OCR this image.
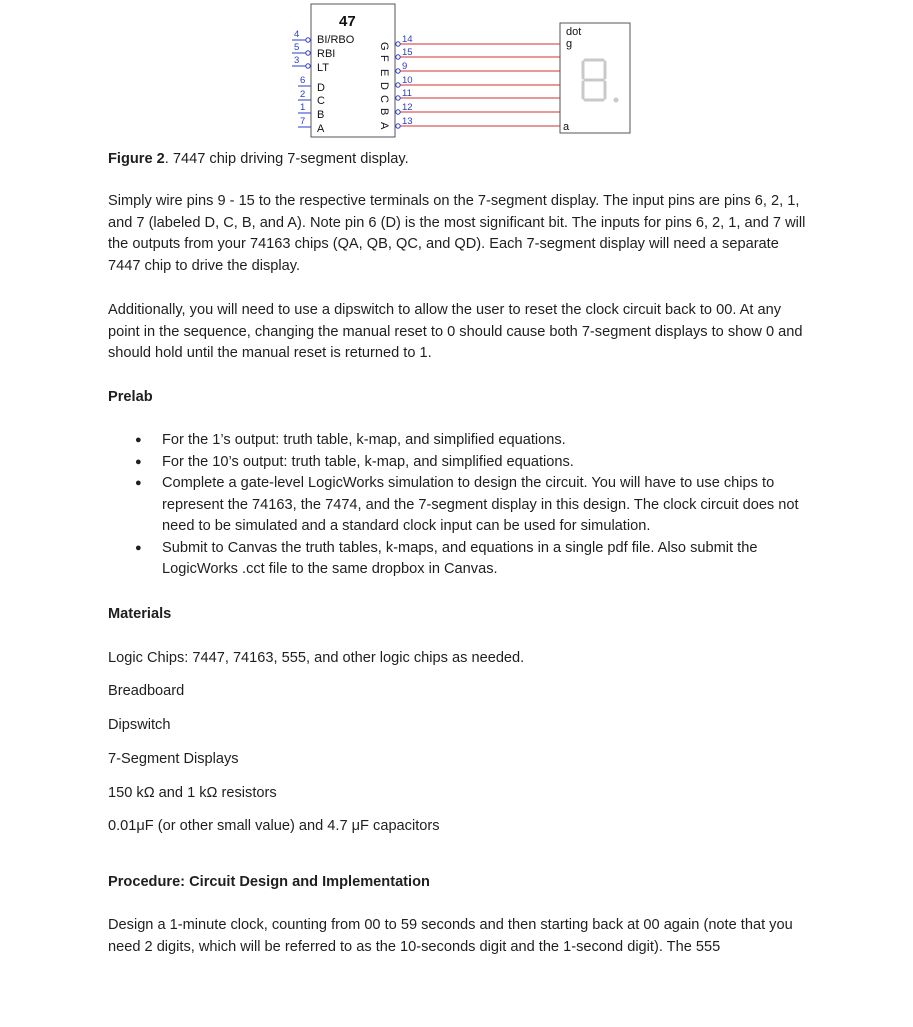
47
BI/RBO
RBI
LT
D
C
B
A
4
5
3
6
2
1
7
G
F
E
D
C
B
A
14
15
9
10
11
12
13
dot
g
a

Figure 2. 7447 chip driving 7-segment display.

Simply wire pins 9 - 15 to the respective terminals on the 7-segment display. The input pins are pins 6, 2, 1, and 7 (labeled D, C, B, and A). Note pin 6 (D) is the most significant bit. The inputs for pins 6, 2, 1, and 7 will the outputs from your 74163 chips (QA, QB, QC, and QD). Each 7-segment display will need a separate 7447 chip to drive the display.

Additionally, you will need to use a dipswitch to allow the user to reset the clock circuit back to 00. At any point in the sequence, changing the manual reset to 0 should cause both 7-segment displays to show 0 and should hold until the manual reset is returned to 1.

Prelab

● For the 1’s output: truth table, k-map, and simplified equations.
● For the 10’s output: truth table, k-map, and simplified equations.
● Complete a gate-level LogicWorks simulation to design the circuit. You will have to use chips to represent the 74163, the 7474, and the 7-segment display in this design. The clock circuit does not need to be simulated and a standard clock input can be used for simulation.
● Submit to Canvas the truth tables, k-maps, and equations in a single pdf file. Also submit the LogicWorks .cct file to the same dropbox in Canvas.

Materials

Logic Chips: 7447, 74163, 555, and other logic chips as needed.

Breadboard

Dipswitch

7-Segment Displays

150 kΩ and 1 kΩ resistors

0.01μF (or other small value) and 4.7 μF capacitors

Procedure: Circuit Design and Implementation

Design a 1-minute clock, counting from 00 to 59 seconds and then starting back at 00 again (note that you need 2 digits, which will be referred to as the 10-seconds digit and the 1-second digit). The 555
